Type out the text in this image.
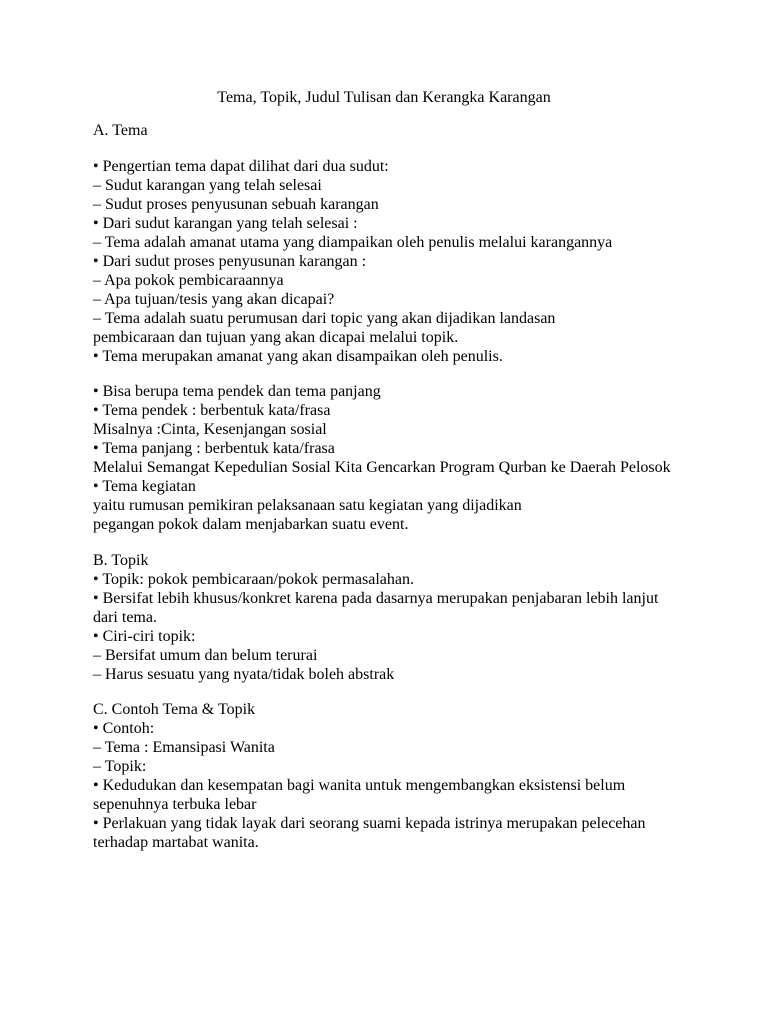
Tema, Topik, Judul Tulisan dan Kerangka Karangan
A. Tema
• Pengertian tema dapat dilihat dari dua sudut:
– Sudut karangan yang telah selesai
– Sudut proses penyusunan sebuah karangan
• Dari sudut karangan yang telah selesai :
– Tema adalah amanat utama yang diampaikan oleh penulis melalui karangannya
• Dari sudut proses penyusunan karangan :
– Apa pokok pembicaraannya
– Apa tujuan/tesis yang akan dicapai?
– Tema adalah suatu perumusan dari topic yang akan dijadikan landasan
pembicaraan dan tujuan yang akan dicapai melalui topik.
• Tema merupakan amanat yang akan disampaikan oleh penulis.
• Bisa berupa tema pendek dan tema panjang
• Tema pendek : berbentuk kata/frasa
Misalnya :Cinta, Kesenjangan sosial
• Tema panjang : berbentuk kata/frasa
Melalui Semangat Kepedulian Sosial Kita Gencarkan Program Qurban ke Daerah Pelosok
• Tema kegiatan
yaitu rumusan pemikiran pelaksanaan satu kegiatan yang dijadikan
pegangan pokok dalam menjabarkan suatu event.
B. Topik
• Topik: pokok pembicaraan/pokok permasalahan.
• Bersifat lebih khusus/konkret karena pada dasarnya merupakan penjabaran lebih lanjut dari tema.
• Ciri-ciri topik:
– Bersifat umum dan belum terurai
– Harus sesuatu yang nyata/tidak boleh abstrak
C. Contoh Tema & Topik
• Contoh:
– Tema : Emansipasi Wanita
– Topik:
• Kedudukan dan kesempatan bagi wanita untuk mengembangkan eksistensi belum sepenuhnya terbuka lebar
• Perlakuan yang tidak layak dari seorang suami kepada istrinya merupakan pelecehan
terhadap martabat wanita.
